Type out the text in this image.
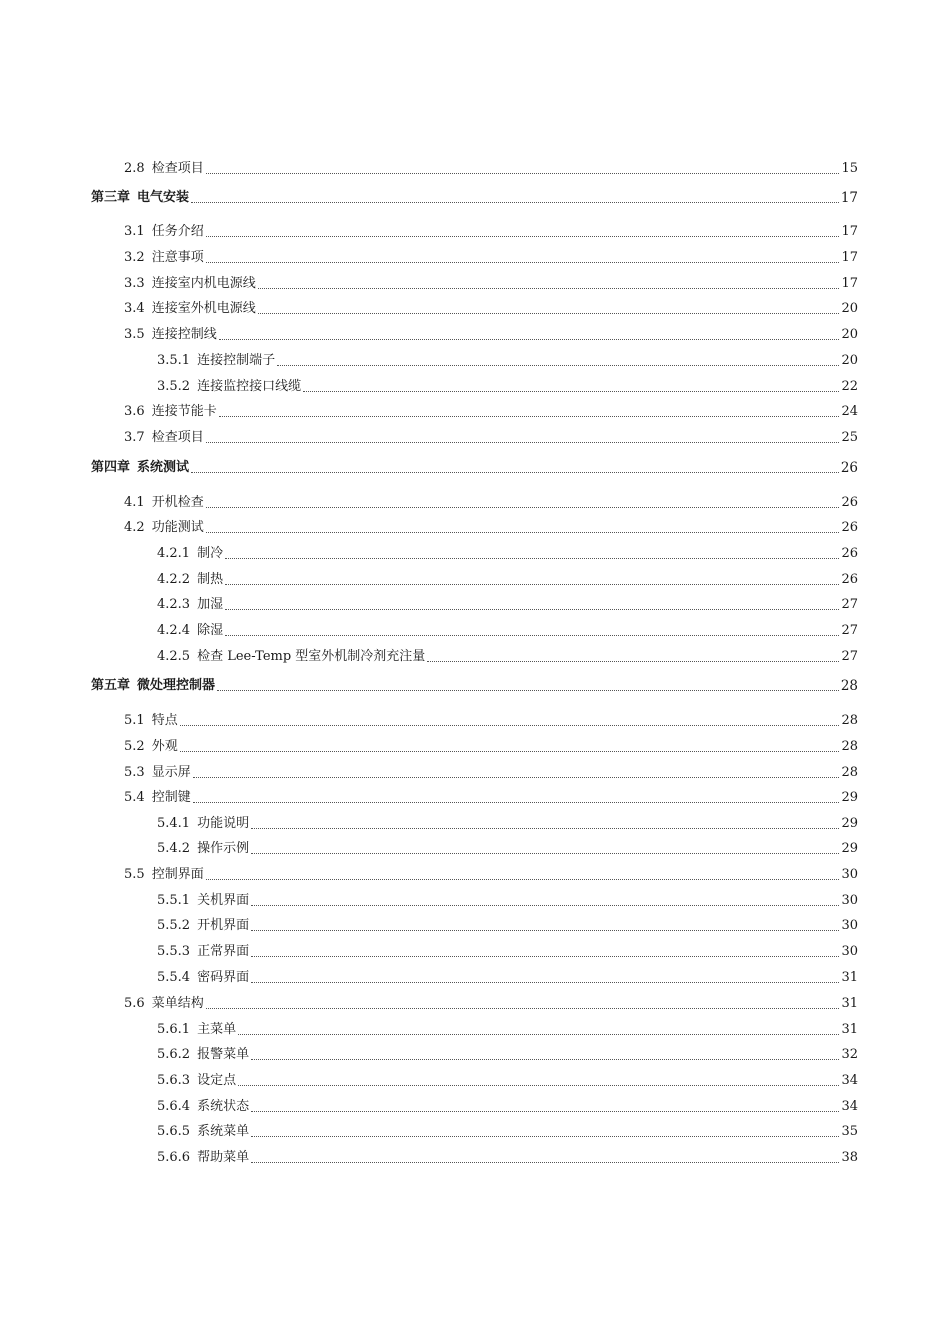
2.8 检查项目	15
第三章 电气安装	17
3.1 任务介绍	17
3.2 注意事项	17
3.3 连接室内机电源线	17
3.4 连接室外机电源线	20
3.5 连接控制线	20
3.5.1 连接控制端子	20
3.5.2 连接监控接口线缆	22
3.6 连接节能卡	24
3.7 检查项目	25
第四章 系统测试	26
4.1 开机检查	26
4.2 功能测试	26
4.2.1 制冷	26
4.2.2 制热	26
4.2.3 加湿	27
4.2.4 除湿	27
4.2.5 检查 Lee-Temp 型室外机制冷剂充注量	27
第五章 微处理控制器	28
5.1 特点	28
5.2 外观	28
5.3 显示屏	28
5.4 控制键	29
5.4.1 功能说明	29
5.4.2 操作示例	29
5.5 控制界面	30
5.5.1 关机界面	30
5.5.2 开机界面	30
5.5.3 正常界面	30
5.5.4 密码界面	31
5.6 菜单结构	31
5.6.1 主菜单	31
5.6.2 报警菜单	32
5.6.3 设定点	34
5.6.4 系统状态	34
5.6.5 系统菜单	35
5.6.6 帮助菜单	38
